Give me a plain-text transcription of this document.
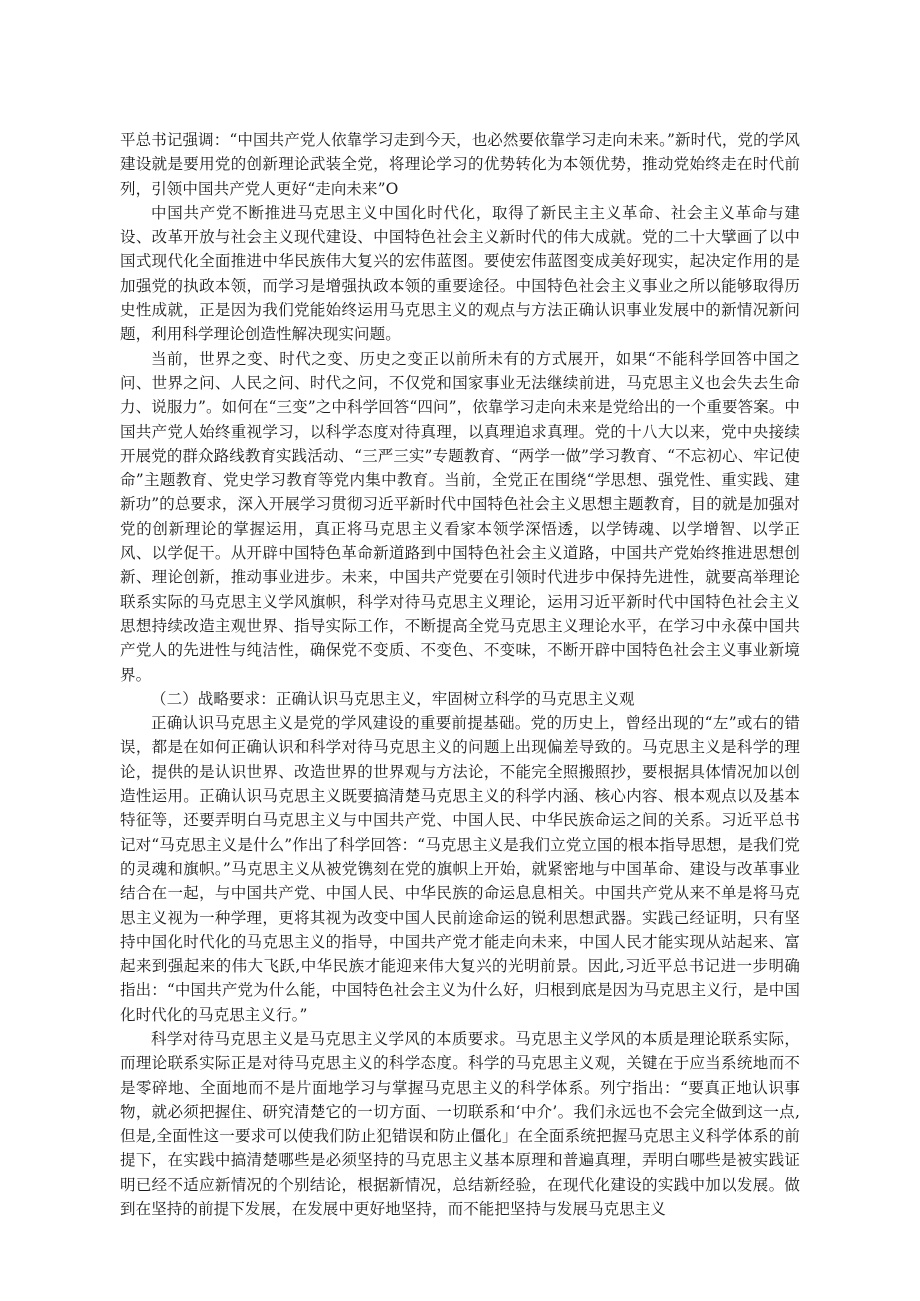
平总书记强调：“中国共产党人依靠学习走到今天，也必然要依靠学习走向未来。”新时代，党的学风建设就是要用党的创新理论武装全党，将理论学习的优势转化为本领优势，推动党始终走在时代前列，引领中国共产党人更好“走向未来”O

中国共产党不断推进马克思主义中国化时代化，取得了新民主主义革命、社会主义革命与建设、改革开放与社会主义现代建设、中国特色社会主义新时代的伟大成就。党的二十大擘画了以中国式现代化全面推进中华民族伟大复兴的宏伟蓝图。要使宏伟蓝图变成美好现实，起决定作用的是加强党的执政本领，而学习是增强执政本领的重要途径。中国特色社会主义事业之所以能够取得历史性成就，正是因为我们党能始终运用马克思主义的观点与方法正确认识事业发展中的新情况新问题，利用科学理论创造性解决现实问题。

当前，世界之变、时代之变、历史之变正以前所未有的方式展开，如果“不能科学回答中国之问、世界之问、人民之问、时代之问，不仅党和国家事业无法继续前进，马克思主义也会失去生命力、说服力”。如何在“三变”之中科学回答“四问”，依靠学习走向未来是党给出的一个重要答案。中国共产党人始终重视学习，以科学态度对待真理，以真理追求真理。党的十八大以来，党中央接续开展党的群众路线教育实践活动、“三严三实”专题教育、“两学一做”学习教育、“不忘初心、牢记使命”主题教育、党史学习教育等党内集中教育。当前，全党正在围绕“学思想、强党性、重实践、建新功”的总要求，深入开展学习贯彻习近平新时代中国特色社会主义思想主题教育，目的就是加强对党的创新理论的掌握运用，真正将马克思主义看家本领学深悟透，以学铸魂、以学增智、以学正风、以学促干。从开辟中国特色革命新道路到中国特色社会主义道路，中国共产党始终推进思想创新、理论创新，推动事业进步。未来，中国共产党要在引领时代进步中保持先进性，就要高举理论联系实际的马克思主义学风旗帜，科学对待马克思主义理论，运用习近平新时代中国特色社会主义思想持续改造主观世界、指导实际工作，不断提高全党马克思主义理论水平，在学习中永葆中国共产党人的先进性与纯洁性，确保党不变质、不变色、不变味，不断开辟中国特色社会主义事业新境界。

（二）战略要求：正确认识马克思主义，牢固树立科学的马克思主义观

正确认识马克思主义是党的学风建设的重要前提基础。党的历史上，曾经出现的“左”或右的错误，都是在如何正确认识和科学对待马克思主义的问题上出现偏差导致的。马克思主义是科学的理论，提供的是认识世界、改造世界的世界观与方法论，不能完全照搬照抄，要根据具体情况加以创造性运用。正确认识马克思主义既要搞清楚马克思主义的科学内涵、核心内容、根本观点以及基本特征等，还要弄明白马克思主义与中国共产党、中国人民、中华民族命运之间的关系。习近平总书记对“马克思主义是什么”作出了科学回答：“马克思主义是我们立党立国的根本指导思想，是我们党的灵魂和旗帜。”马克思主义从被党镌刻在党的旗帜上开始，就紧密地与中国革命、建设与改革事业结合在一起，与中国共产党、中国人民、中华民族的命运息息相关。中国共产党从来不单是将马克思主义视为一种学理，更将其视为改变中国人民前途命运的锐利思想武器。实践己经证明，只有坚持中国化时代化的马克思主义的指导，中国共产党才能走向未来，中国人民才能实现从站起来、富起来到强起来的伟大飞跃,中华民族才能迎来伟大复兴的光明前景。因此,习近平总书记进一步明确指出：“中国共产党为什么能，中国特色社会主义为什么好，归根到底是因为马克思主义行，是中国化时代化的马克思主义行。”

科学对待马克思主义是马克思主义学风的本质要求。马克思主义学风的本质是理论联系实际，而理论联系实际正是对待马克思主义的科学态度。科学的马克思主义观，关键在于应当系统地而不是零碎地、全面地而不是片面地学习与掌握马克思主义的科学体系。列宁指出：“要真正地认识事物，就必须把握住、研究清楚它的一切方面、一切联系和‘中介’。我们永远也不会完全做到这一点,但是,全面性这一要求可以使我们防止犯错误和防止僵化」在全面系统把握马克思主义科学体系的前提下，在实践中搞清楚哪些是必须坚持的马克思主义基本原理和普遍真理，弄明白哪些是被实践证明已经不适应新情况的个别结论，根据新情况，总结新经验，在现代化建设的实践中加以发展。做到在坚持的前提下发展，在发展中更好地坚持，而不能把坚持与发展马克思主义
